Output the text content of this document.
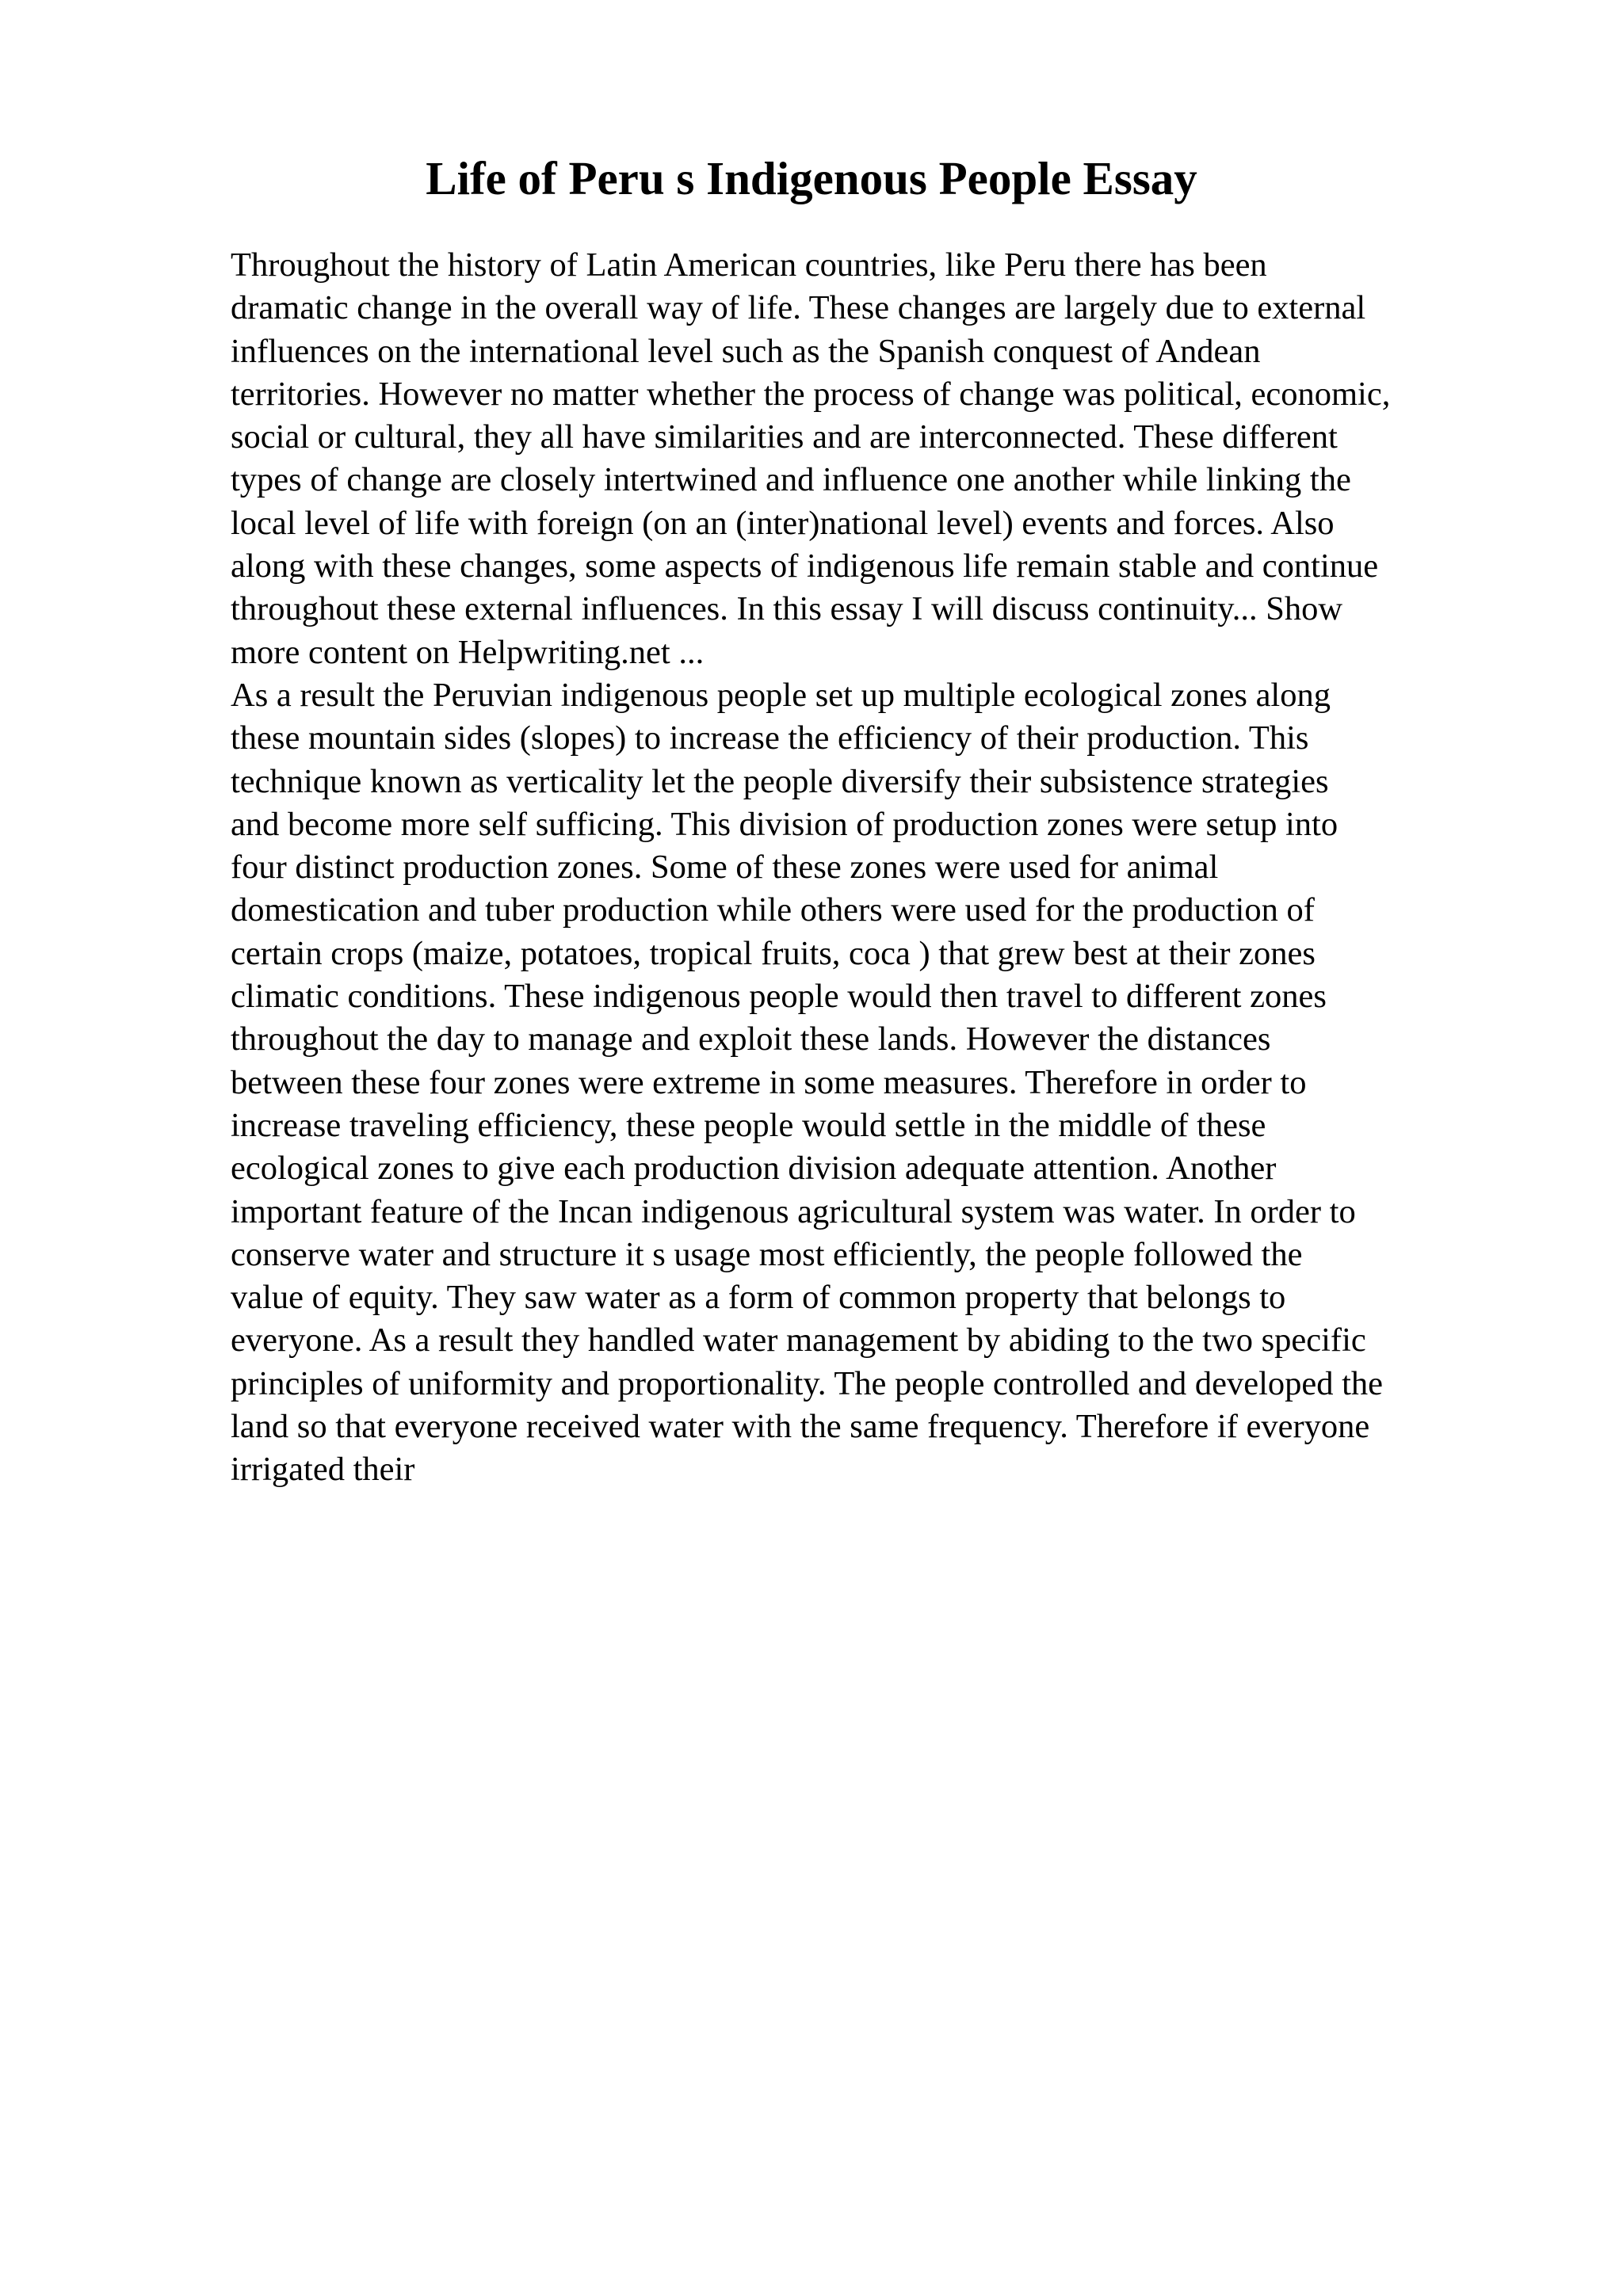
Life of Peru s Indigenous People Essay
Throughout the history of Latin American countries, like Peru there has been
dramatic change in the overall way of life. These changes are largely due to external
influences on the international level such as the Spanish conquest of Andean
territories. However no matter whether the process of change was political, economic,
social or cultural, they all have similarities and are interconnected. These different
types of change are closely intertwined and influence one another while linking the
local level of life with foreign (on an (inter)national level) events and forces. Also
along with these changes, some aspects of indigenous life remain stable and continue
throughout these external influences. In this essay I will discuss continuity... Show
more content on Helpwriting.net ...
As a result the Peruvian indigenous people set up multiple ecological zones along
these mountain sides (slopes) to increase the efficiency of their production. This
technique known as verticality let the people diversify their subsistence strategies
and become more self sufficing. This division of production zones were setup into
four distinct production zones. Some of these zones were used for animal
domestication and tuber production while others were used for the production of
certain crops (maize, potatoes, tropical fruits, coca ) that grew best at their zones
climatic conditions. These indigenous people would then travel to different zones
throughout the day to manage and exploit these lands. However the distances
between these four zones were extreme in some measures. Therefore in order to
increase traveling efficiency, these people would settle in the middle of these
ecological zones to give each production division adequate attention. Another
important feature of the Incan indigenous agricultural system was water. In order to
conserve water and structure it s usage most efficiently, the people followed the
value of equity. They saw water as a form of common property that belongs to
everyone. As a result they handled water management by abiding to the two specific
principles of uniformity and proportionality. The people controlled and developed the
land so that everyone received water with the same frequency. Therefore if everyone
irrigated their
